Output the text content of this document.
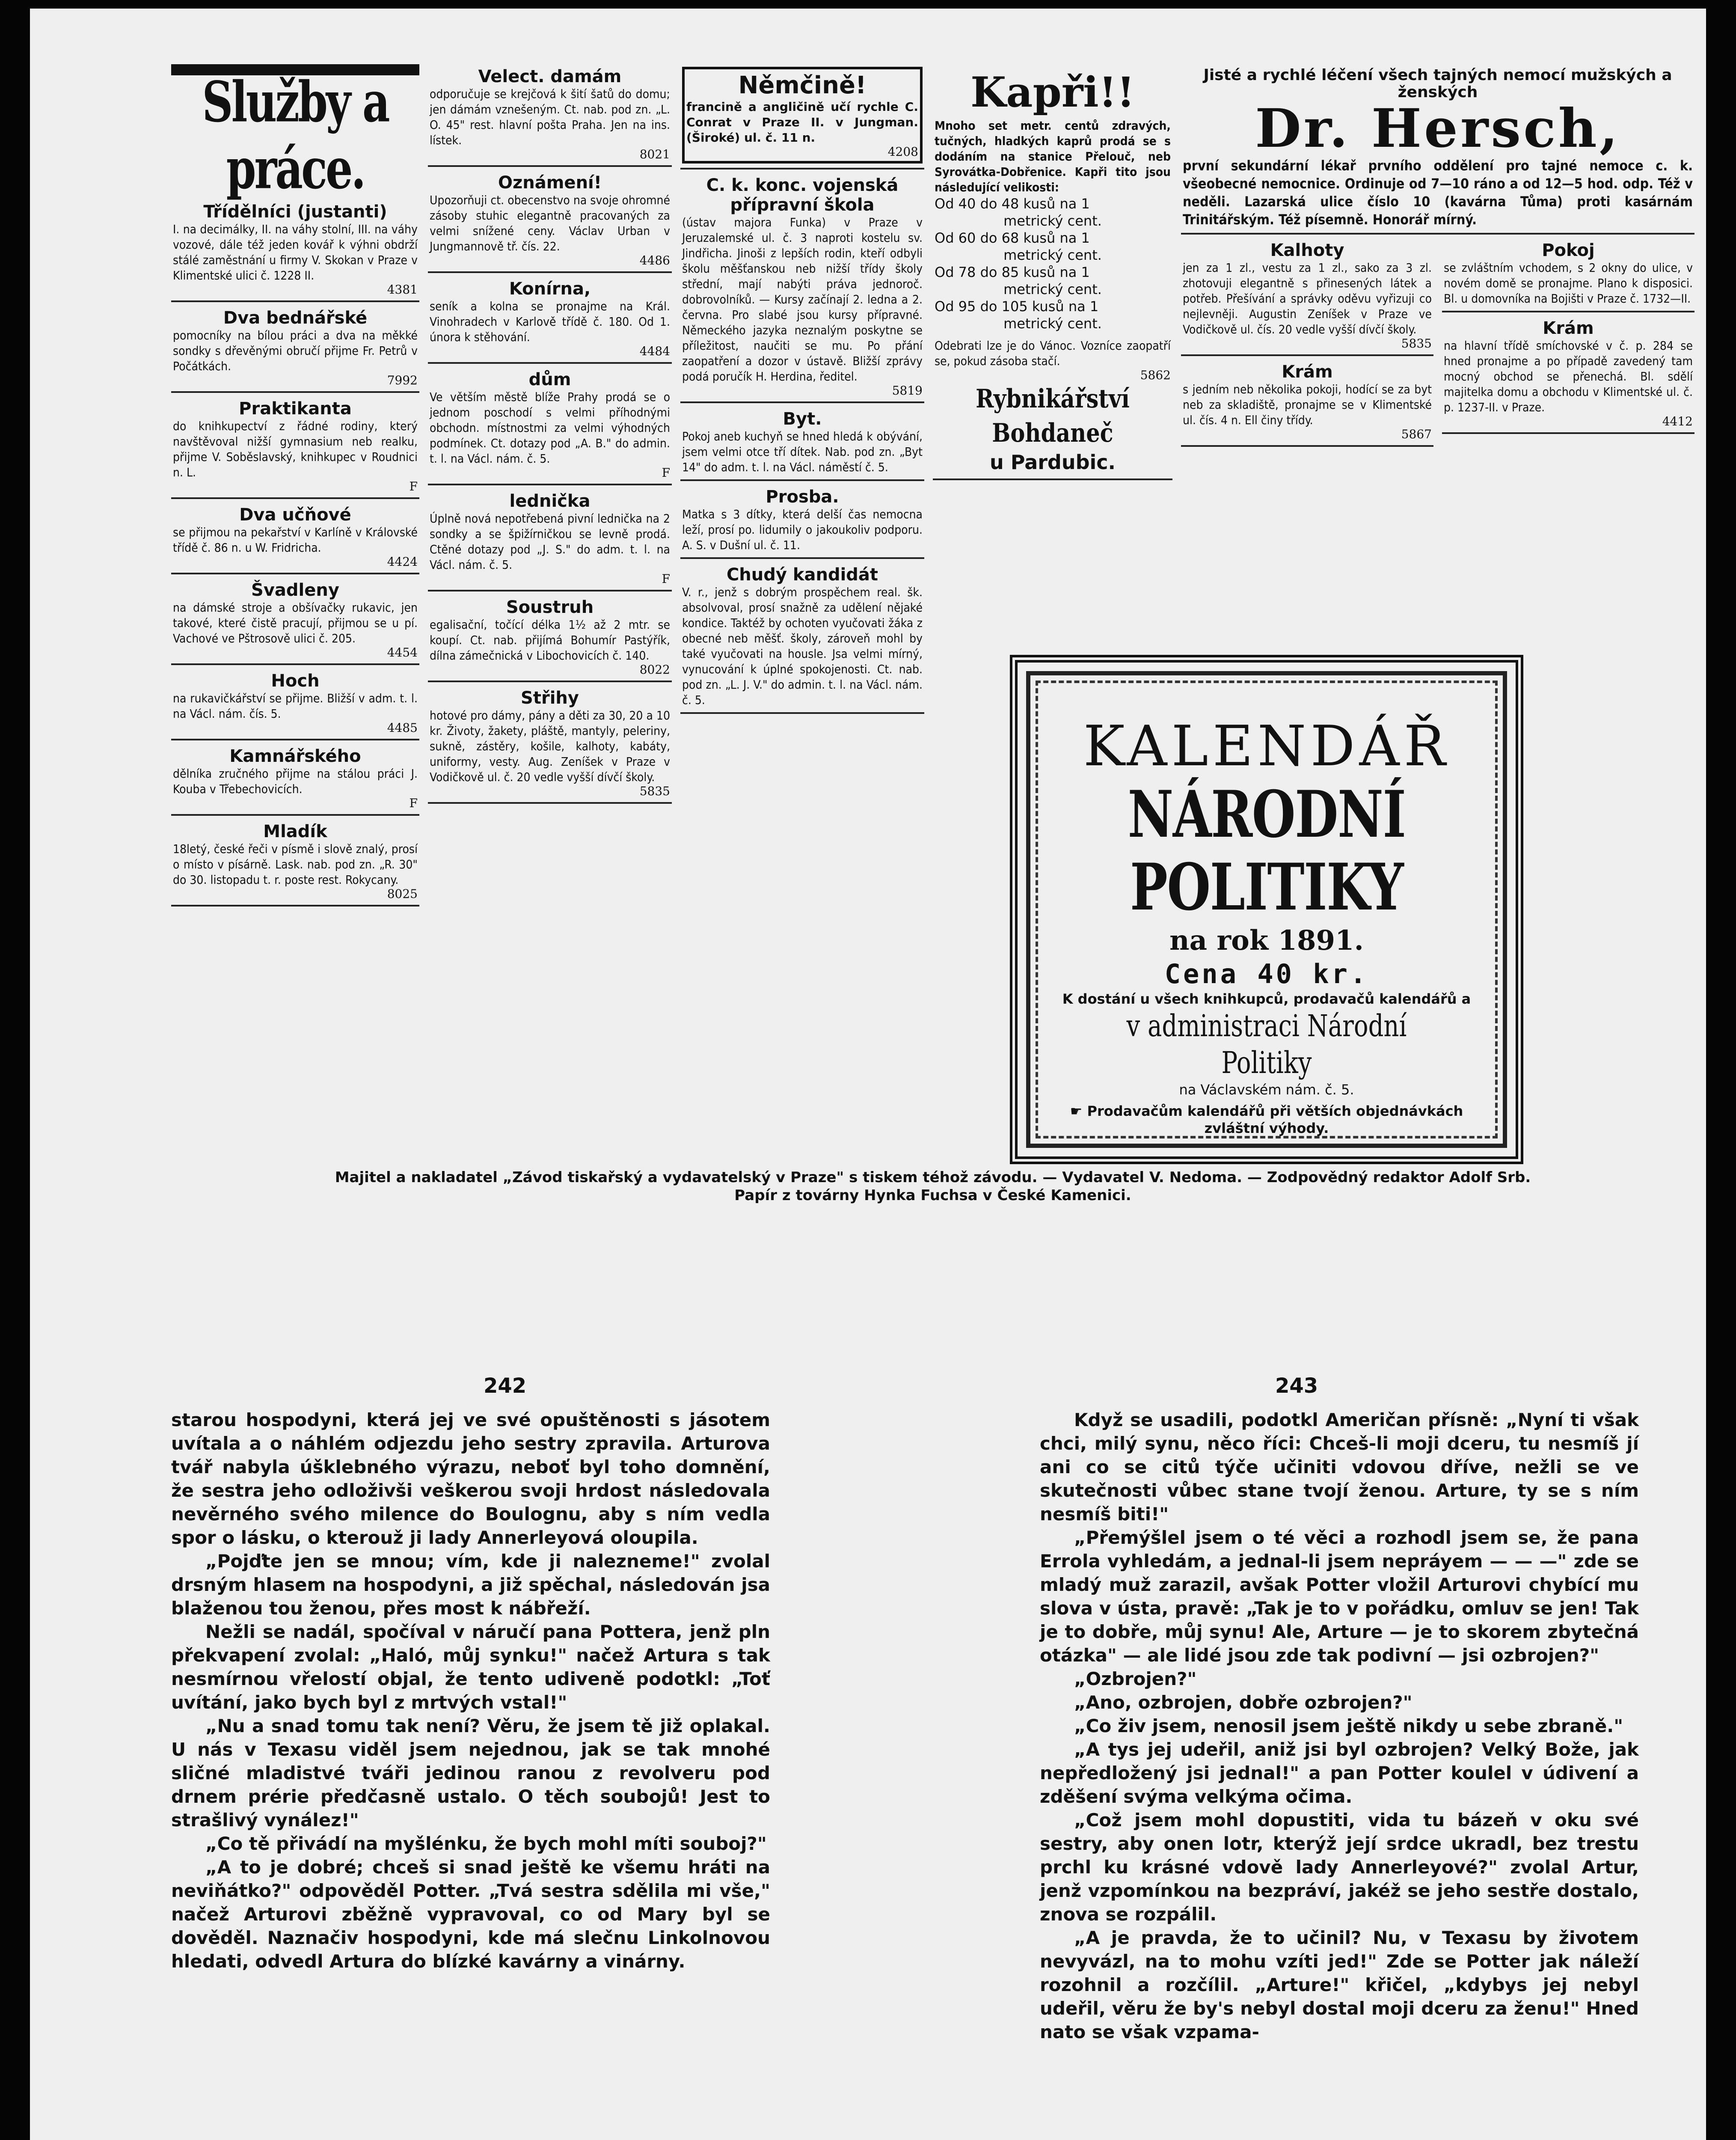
Služby a práce.
Třídělníci (justanti)

I. na decimálky, II. na váhy stolní, III. na váhy vozové, dále též jeden kovář k výhni obdrží stálé zaměstnání u firmy V. Skokan v Praze v Klimentské ulici č. 1228 II.

4381
Dva bednářské

pomocníky na bílou práci a dva na měkké sondky s dřevěnými obručí přijme Fr. Petrů v Počátkách.

7992
Praktikanta

do knihkupectví z řádné rodiny, který navštěvoval nižší gymnasium neb realku, přijme V. Soběslavský, knihkupec v Roudnici n. L.

F
Dva učňové

se přijmou na pekařství v Karlíně v Královské třídě č. 86 n. u W. Fridricha.

4424
Švadleny

na dámské stroje a obšívačky rukavic, jen takové, které čistě pracují, přijmou se u pí. Vachové ve Pštrosově ulici č. 205.

4454
Hoch

na rukavičkářství se přijme. Bližší v adm. t. l. na Václ. nám. čís. 5.

4485
Kamnářského

dělníka zručného přijme na stálou práci J. Kouba v Třebechovicích.

F
Mladík

18letý, české řeči v písmě i slově znalý, prosí o místo v písárně. Lask. nab. pod zn. „R. 30" do 30. listopadu t. r. poste rest. Rokycany.

8025
Velect. damám

odporučuje se krejčová k šití šatů do domu; jen dámám vznešeným. Ct. nab. pod zn. „L. O. 45" rest. hlavní pošta Praha. Jen na ins. lístek.

8021
Oznámení!

Upozorňuji ct. obecenstvo na svoje ohromné zásoby stuhic elegantně pracovaných za velmi snížené ceny. Václav Urban v Jungmannově tř. čís. 22.

4486
Konírna,

seník a kolna se pronajme na Král. Vinohradech v Karlově třídě č. 180. Od 1. února k stěhování.

4484
dům

Ve větším městě blíže Prahy prodá se o jednom poschodí s velmi příhodnými obchodn. místnostmi za velmi výhodných podmínek. Ct. dotazy pod „A. B." do admin. t. l. na Václ. nám. č. 5.

F
lednička

Úplně nová nepotřebená pivní lednička na 2 sondky a se špižírničkou se levně prodá. Ctěné dotazy pod „J. S." do adm. t. l. na Václ. nám. č. 5.

F
Soustruh

egalisační, točící délka 1½ až 2 mtr. se koupí. Ct. nab. přijímá Bohumír Pastýřík, dílna zámečnická v Libochovicích č. 140.

8022
Střihy

hotové pro dámy, pány a děti za 30, 20 a 10 kr. Životy, žakety, pláště, mantyly, peleriny, sukně, zástěry, košile, kalhoty, kabáty, uniformy, vesty. Aug. Zeníšek v Praze v Vodičkově ul. č. 20 vedle vyšší dívčí školy.

5835
Němčině!

francině a angličině učí rychle C. Conrat v Praze II. v Jungman. (Široké) ul. č. 11 n.

4208
C. k. konc. vojenská přípravní škola

(ústav majora Funka) v Praze v Jeruzalemské ul. č. 3 naproti kostelu sv. Jindřicha. Jinoši z lepších rodin, kteří odbyli školu měšťanskou neb nižší třídy školy střední, mají nabýti práva jednoroč. dobrovolníků. — Kursy začínají 2. ledna a 2. června. Pro slabé jsou kursy přípravné. Německého jazyka neznalým poskytne se příležitost, naučiti se mu. Po přání zaopatření a dozor v ústavě. Bližší zprávy podá poručík H. Herdina, ředitel.

5819
Byt.

Pokoj aneb kuchyň se hned hledá k obývání, jsem velmi otce tří dítek. Nab. pod zn. „Byt 14" do adm. t. l. na Václ. náměstí č. 5.

Prosba.

Matka s 3 dítky, která delší čas nemocna leží, prosí po. lidumily o jakoukoliv podporu. A. S. v Dušní ul. č. 11.

Chudý kandidát

V. r., jenž s dobrým prospěchem real. šk. absolvoval, prosí snažně za udělení nějaké kondice. Taktéž by ochoten vyučovati žáka z obecné neb měšť. školy, zároveň mohl by také vyučovati na housle. Jsa velmi mírný, vynucování k úplné spokojenosti. Ct. nab. pod zn. „L. J. V." do admin. t. l. na Václ. nám. č. 5.

Kapři!!

Mnoho set metr. centů zdravých, tučných, hladkých kaprů prodá se s dodáním na stanice Přelouč, neb Syrovátka-Dobřenice. Kapři tito jsou následující velikosti:

Od 40 do 48 kusů na 1
metrický cent.
Od 60 do 68 kusů na 1
metrický cent.
Od 78 do 85 kusů na 1
metrický cent.
Od 95 do 105 kusů na 1
metrický cent.

Odebrati lze je do Vánoc. Vozníce zaopatří se, pokud zásoba stačí.

5862
Rybnikářství Bohdaneč
u Pardubic.
Jisté a rychlé léčení všech tajných nemocí mužských a ženských
Dr. Hersch,

první sekundární lékař prvního oddělení pro tajné nemoce c. k. všeobecné nemocnice. Ordinuje od 7—10 ráno a od 12—5 hod. odp. Též v neděli. Lazarská ulice číslo 10 (kavárna Tůma) proti kasárnám Trinitářským. Též písemně. Honorář mírný.

Kalhoty

jen za 1 zl., vestu za 1 zl., sako za 3 zl. zhotovuji elegantně s přinesených látek a potřeb. Přešívání a správky oděvu vyřizuji co nejlevněji. Augustin Zeníšek v Praze ve Vodičkově ul. čís. 20 vedle vyšší dívčí školy.

5835
Krám

s jedním neb několika pokoji, hodící se za byt neb za skladiště, pronajme se v Klimentské ul. čís. 4 n. Ell činy třídy.

5867
Pokoj

se zvláštním vchodem, s 2 okny do ulice, v novém domě se pronajme. Plano k disposici. Bl. u domovníka na Bojišti v Praze č. 1732—II.

Krám

na hlavní třídě smíchovské v č. p. 284 se hned pronajme a po případě zavedený tam mocný obchod se přenechá. Bl. sdělí majitelka domu a obchodu v Klimentské ul. č. p. 1237-II. v Praze.

4412
KALENDÁŘ
NÁRODNÍ POLITIKY
na rok 1891.
Cena 40 kr.
K dostání u všech knihkupců, prodavačů kalendářů a
v administraci Národní Politiky
na Václavském nám. č. 5.
☛ Prodavačům kalendářů při větších objednávkách zvláštní výhody.
Majitel a nakladatel „Závod tiskařský a vydavatelský v Praze" s tiskem téhož závodu. — Vydavatel V. Nedoma. — Zodpovědný redaktor Adolf Srb.
Papír z továrny Hynka Fuchsa v České Kamenici.
242	243

starou hospodyni, která jej ve své opuštěnosti s jásotem uvítala a o náhlém odjezdu jeho sestry zpravila. Arturova tvář nabyla úšklebného výrazu, neboť byl toho domnění, že sestra jeho odloživši veškerou svoji hrdost následovala nevěrného svého milence do Boulognu, aby s ním vedla spor o lásku, o kterouž ji lady Annerleyová oloupila.

„Pojďte jen se mnou; vím, kde ji nalezneme!" zvolal drsným hlasem na hospodyni, a již spěchal, následován jsa blaženou tou ženou, přes most k nábřeží.

Nežli se nadál, spočíval v náručí pana Pottera, jenž pln překvapení zvolal: „Haló, můj synku!" načež Artura s tak nesmírnou vřelostí objal, že tento udiveně podotkl: „Toť uvítání, jako bych byl z mrtvých vstal!"

„Nu a snad tomu tak není? Věru, že jsem tě již oplakal. U nás v Texasu viděl jsem nejednou, jak se tak mnohé sličné mladistvé tváři jedinou ranou z revolveru pod drnem prérie předčasně ustalo. O těch soubojů! Jest to strašlivý vynález!"

„Co tě přivádí na myšlénku, že bych mohl míti souboj?"

„A to je dobré; chceš si snad ještě ke všemu hráti na neviňátko?" odpověděl Potter. „Tvá sestra sdělila mi vše," načež Arturovi zběžně vypravoval, co od Mary byl se dověděl. Naznačiv hospodyni, kde má slečnu Linkolnovou hledati, odvedl Artura do blízké kavárny a vinárny.

Když se usadili, podotkl Američan přísně: „Nyní ti však chci, milý synu, něco říci: Chceš-li moji dceru, tu nesmíš jí ani co se citů týče učiniti vdovou dříve, nežli se ve skutečnosti vůbec stane tvojí ženou. Arture, ty se s ním nesmíš biti!"

„Přemýšlel jsem o té věci a rozhodl jsem se, že pana Errola vyhledám, a jednal-li jsem nepráyem — — —" zde se mladý muž zarazil, avšak Potter vložil Arturovi chybící mu slova v ústa, pravě: „Tak je to v pořádku, omluv se jen! Tak je to dobře, můj synu! Ale, Arture — je to skorem zbytečná otázka" — ale lidé jsou zde tak podivní — jsi ozbrojen?"

„Ozbrojen?"

„Ano, ozbrojen, dobře ozbrojen?"

„Co živ jsem, nenosil jsem ještě nikdy u sebe zbraně."

„A tys jej udeřil, aniž jsi byl ozbrojen? Velký Bože, jak nepředložený jsi jednal!" a pan Potter koulel v údivení a zděšení svýma velkýma očima.

„Což jsem mohl dopustiti, vida tu bázeň v oku své sestry, aby onen lotr, kterýž její srdce ukradl, bez trestu prchl ku krásné vdově lady Annerleyové?" zvolal Artur, jenž vzpomínkou na bezpráví, jakéž se jeho sestře dostalo, znova se rozpálil.

„A je pravda, že to učinil? Nu, v Texasu by životem nevyvázl, na to mohu vzíti jed!" Zde se Potter jak náleží rozohnil a rozčílil. „Arture!" křičel, „kdybys jej nebyl udeřil, věru že by's nebyl dostal moji dceru za ženu!" Hned nato se však vzpama-
